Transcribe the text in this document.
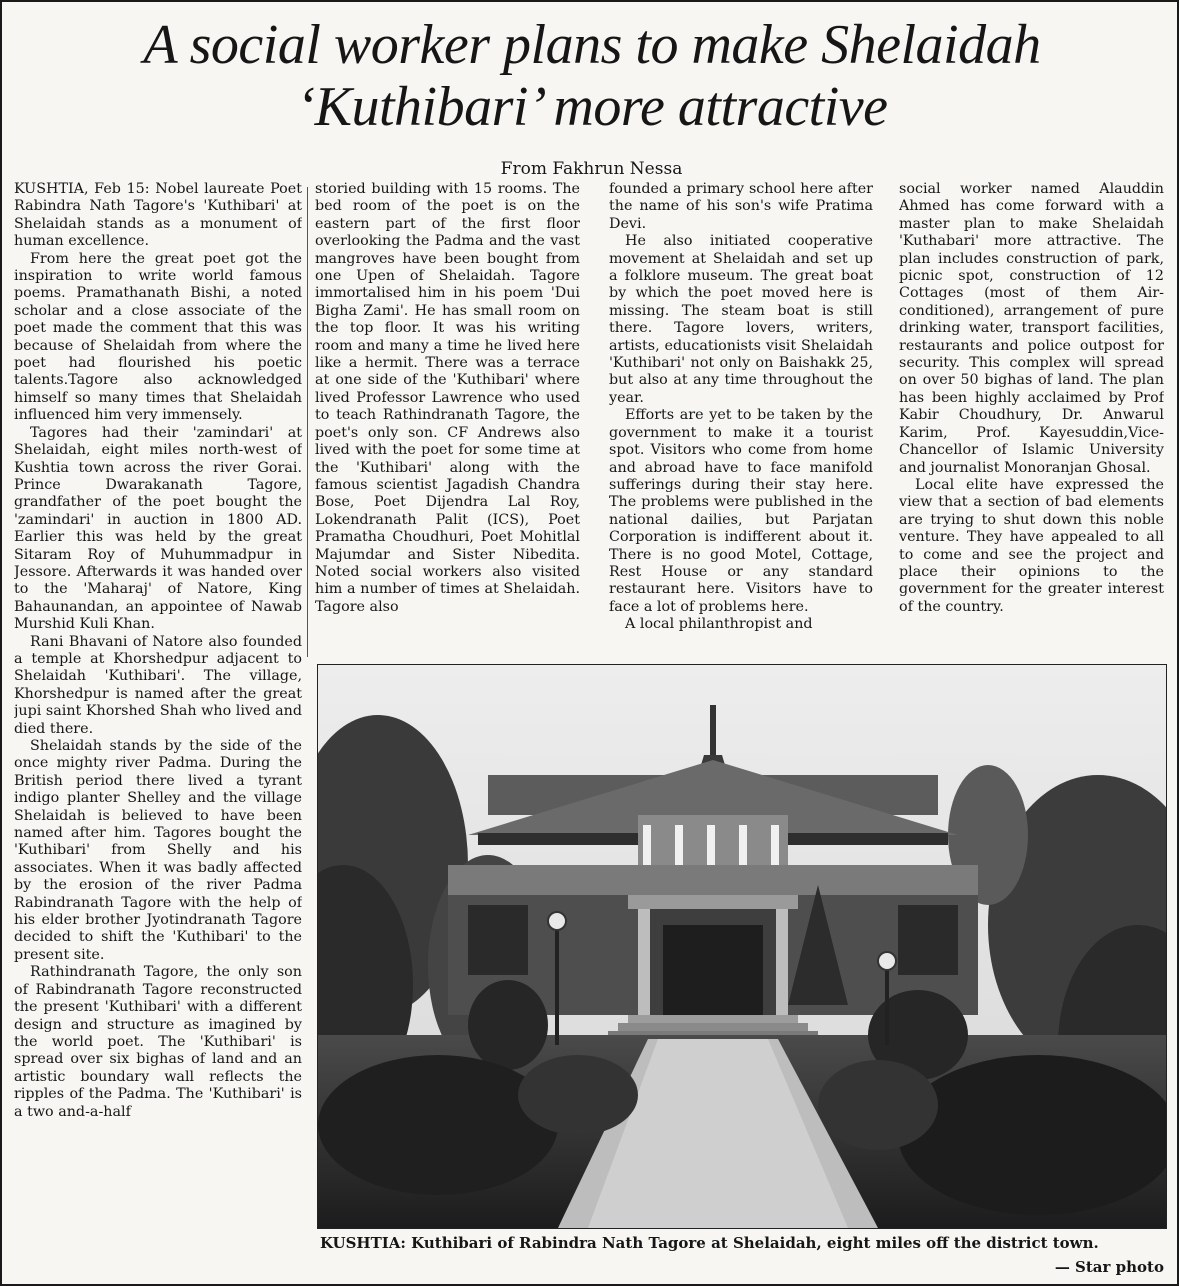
A social worker plans to make Shelaidah
‘Kuthibari’ more attractive
From Fakhrun Nessa

KUSHTIA, Feb 15: Nobel laureate Poet Rabindra Nath Tagore's 'Kuthibari' at Shelaidah stands as a monument of human excellence.

From here the great poet got the inspiration to write world famous poems. Pramathanath Bishi, a noted scholar and a close associate of the poet made the comment that this was because of Shelaidah from where the poet had flourished his poetic talents.Tagore also acknowledged himself so many times that Shelaidah influenced him very immensely.

Tagores had their 'zamindari' at Shelaidah, eight miles north-west of Kushtia town across the river Gorai. Prince Dwarakanath Tagore, grandfather of the poet bought the 'zamindari' in auction in 1800 AD. Earlier this was held by the great Sitaram Roy of Muhummadpur in Jessore. Afterwards it was handed over to the 'Maharaj' of Natore, King Bahaunandan, an appointee of Nawab Murshid Kuli Khan.

Rani Bhavani of Natore also founded a temple at Khorshedpur adjacent to Shelaidah 'Kuthibari'. The village, Khorshedpur is named after the great jupi saint Khorshed Shah who lived and died there.

Shelaidah stands by the side of the once mighty river Padma. During the British period there lived a tyrant indigo planter Shelley and the village Shelaidah is believed to have been named after him. Tagores bought the 'Kuthibari' from Shelly and his associates. When it was badly affected by the erosion of the river Padma Rabindranath Tagore with the help of his elder brother Jyotindranath Tagore decided to shift the 'Kuthibari' to the present site.

Rathindranath Tagore, the only son of Rabindranath Tagore reconstructed the present 'Kuthibari' with a different design and structure as imagined by the world poet. The 'Kuthibari' is spread over six bighas of land and an artistic boundary wall reflects the ripples of the Padma. The 'Kuthibari' is a two and-a-half

storied building with 15 rooms. The bed room of the poet is on the eastern part of the first floor overlooking the Padma and the vast mangroves have been bought from one Upen of Shelaidah. Tagore immortalised him in his poem 'Dui Bigha Zami'. He has small room on the top floor. It was his writing room and many a time he lived here like a hermit. There was a terrace at one side of the 'Kuthibari' where lived Professor Lawrence who used to teach Rathindranath Tagore, the poet's only son. CF Andrews also lived with the poet for some time at the 'Kuthibari' along with the famous scientist Jagadish Chandra Bose, Poet Dijendra Lal Roy, Lokendranath Palit (ICS), Poet Pramatha Choudhuri, Poet Mohitlal Majumdar and Sister Nibedita. Noted social workers also visited him a number of times at Shelaidah. Tagore also

founded a primary school here after the name of his son's wife Pratima Devi.

He also initiated cooperative movement at Shelaidah and set up a folklore museum. The great boat by which the poet moved here is missing. The steam boat is still there. Tagore lovers, writers, artists, educationists visit Shelaidah 'Kuthibari' not only on Baishakk 25, but also at any time throughout the year.

Efforts are yet to be taken by the government to make it a tourist spot. Visitors who come from home and abroad have to face manifold sufferings during their stay here. The problems were published in the national dailies, but Parjatan Corporation is indifferent about it. There is no good Motel, Cottage, Rest House or any standard restaurant here. Visitors have to face a lot of problems here.

A local philanthropist and

social worker named Alauddin Ahmed has come forward with a master plan to make Shelaidah 'Kuthabari' more attractive. The plan includes construction of park, picnic spot, construction of 12 Cottages (most of them Air-conditioned), arrangement of pure drinking water, transport facilities, restaurants and police outpost for security. This complex will spread on over 50 bighas of land. The plan has been highly acclaimed by Prof Kabir Choudhury, Dr. Anwarul Karim, Prof. Kayesuddin,Vice-Chancellor of Islamic University and journalist Monoranjan Ghosal.

Local elite have expressed the view that a section of bad elements are trying to shut down this noble venture. They have appealed to all to come and see the project and place their opinions to the government for the greater interest of the country.

KUSHTIA: Kuthibari of Rabindra Nath Tagore at Shelaidah, eight miles off the district town.
— Star photo
